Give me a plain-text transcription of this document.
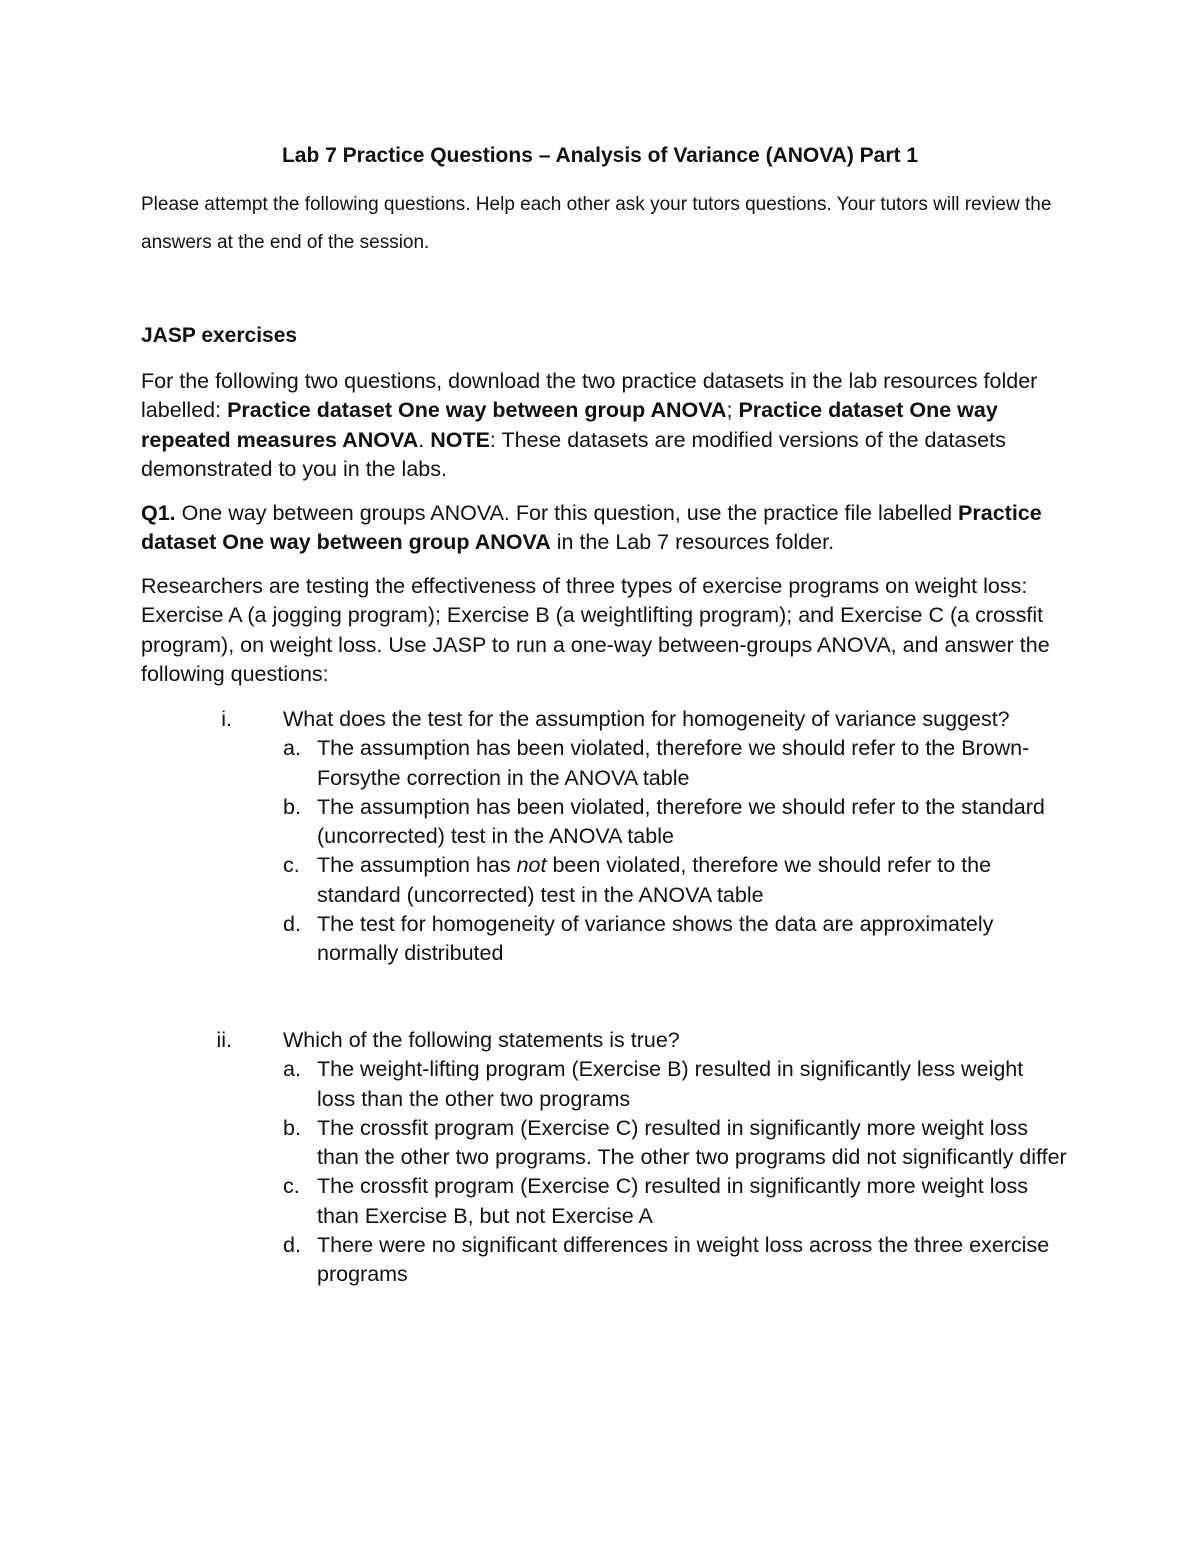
Lab 7 Practice Questions – Analysis of Variance (ANOVA) Part 1

Please attempt the following questions. Help each other ask your tutors questions. Your tutors will review the answers at the end of the session.

JASP exercises

For the following two questions, download the two practice datasets in the lab resources folder labelled: Practice dataset One way between group ANOVA; Practice dataset One way repeated measures ANOVA. NOTE: These datasets are modified versions of the datasets demonstrated to you in the labs.

Q1. One way between groups ANOVA. For this question, use the practice file labelled Practice dataset One way between group ANOVA in the Lab 7 resources folder.

Researchers are testing the effectiveness of three types of exercise programs on weight loss: Exercise A (a jogging program); Exercise B (a weightlifting program); and Exercise C (a crossfit program), on weight loss. Use JASP to run a one-way between-groups ANOVA, and answer the following questions:

i. What does the test for the assumption for homogeneity of variance suggest?

a. The assumption has been violated, therefore we should refer to the Brown-Forsythe correction in the ANOVA table
b. The assumption has been violated, therefore we should refer to the standard (uncorrected) test in the ANOVA table
c. The assumption has not been violated, therefore we should refer to the standard (uncorrected) test in the ANOVA table
d. The test for homogeneity of variance shows the data are approximately normally distributed
ii. Which of the following statements is true?

a. The weight-lifting program (Exercise B) resulted in significantly less weight loss than the other two programs
b. The crossfit program (Exercise C) resulted in significantly more weight loss than the other two programs. The other two programs did not significantly differ
c. The crossfit program (Exercise C) resulted in significantly more weight loss than Exercise B, but not Exercise A
d. There were no significant differences in weight loss across the three exercise programs
